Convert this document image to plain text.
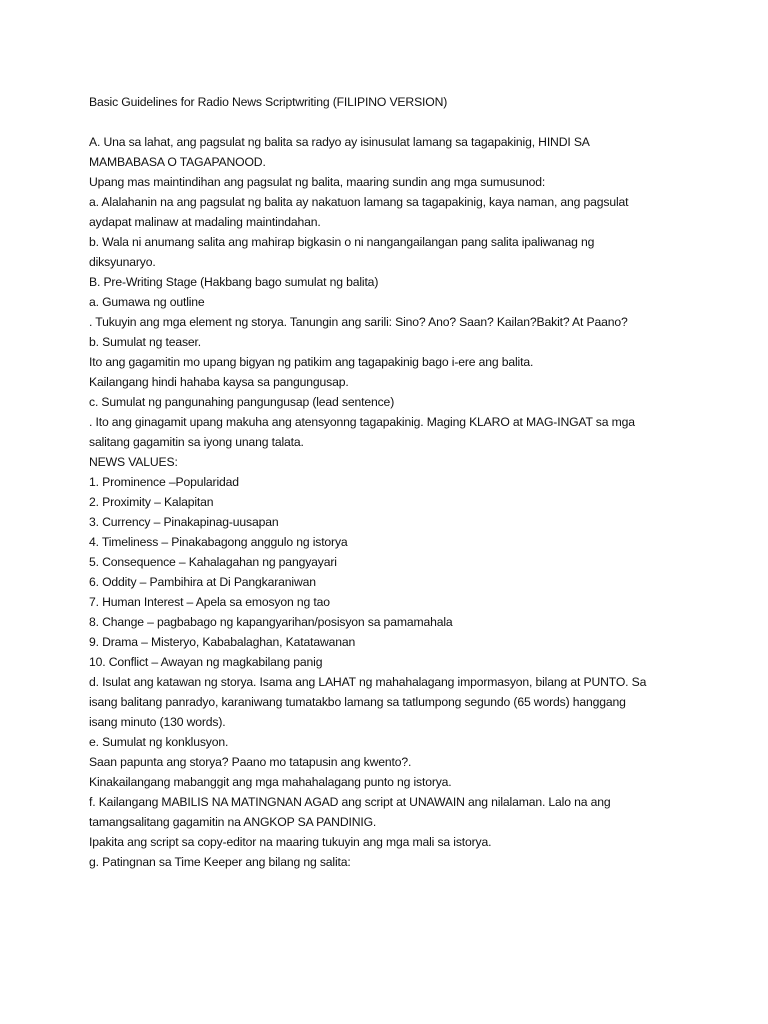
Basic Guidelines for Radio News Scriptwriting (FILIPINO VERSION)
A. Una sa lahat, ang pagsulat ng balita sa radyo ay isinusulat lamang sa tagapakinig, HINDI SA
MAMBABASA O TAGAPANOOD.
Upang mas maintindihan ang pagsulat ng balita, maaring sundin ang mga sumusunod:
a. Alalahanin na ang pagsulat ng balita ay nakatuon lamang sa tagapakinig, kaya naman, ang pagsulat
aydapat malinaw at madaling maintindahan.
b. Wala ni anumang salita ang mahirap bigkasin o ni nangangailangan pang salita ipaliwanag ng
diksyunaryo.
B. Pre-Writing Stage (Hakbang bago sumulat ng balita)
a. Gumawa ng outline
. Tukuyin ang mga element ng storya. Tanungin ang sarili: Sino? Ano? Saan? Kailan?Bakit? At Paano?
b. Sumulat ng teaser.
Ito ang gagamitin mo upang bigyan ng patikim ang tagapakinig bago i-ere ang balita.
Kailangang hindi hahaba kaysa sa pangungusap.
c. Sumulat ng pangunahing pangungusap (lead sentence)
. Ito ang ginagamit upang makuha ang atensyonng tagapakinig. Maging KLARO at MAG-INGAT sa mga
salitang gagamitin sa iyong unang talata.
NEWS VALUES:
1. Prominence –Popularidad
2. Proximity – Kalapitan
3. Currency – Pinakapinag-uusapan
4. Timeliness – Pinakabagong anggulo ng istorya
5. Consequence – Kahalagahan ng pangyayari
6. Oddity – Pambihira at Di Pangkaraniwan
7. Human Interest – Apela sa emosyon ng tao
8. Change – pagbabago ng kapangyarihan/posisyon sa pamamahala
9. Drama – Misteryo, Kababalaghan, Katatawanan
10. Conflict – Awayan ng magkabilang panig
d. Isulat ang katawan ng storya. Isama ang LAHAT ng mahahalagang impormasyon, bilang at PUNTO. Sa
isang balitang panradyo, karaniwang tumatakbo lamang sa tatlumpong segundo (65 words) hanggang
isang minuto (130 words).
e. Sumulat ng konklusyon.
Saan papunta ang storya? Paano mo tatapusin ang kwento?.
Kinakailangang mabanggit ang mga mahahalagang punto ng istorya.
f. Kailangang MABILIS NA MATINGNAN AGAD ang script at UNAWAIN ang nilalaman. Lalo na ang
tamangsalitang gagamitin na ANGKOP SA PANDINIG.
Ipakita ang script sa copy-editor na maaring tukuyin ang mga mali sa istorya.
g. Patingnan sa Time Keeper ang bilang ng salita:
